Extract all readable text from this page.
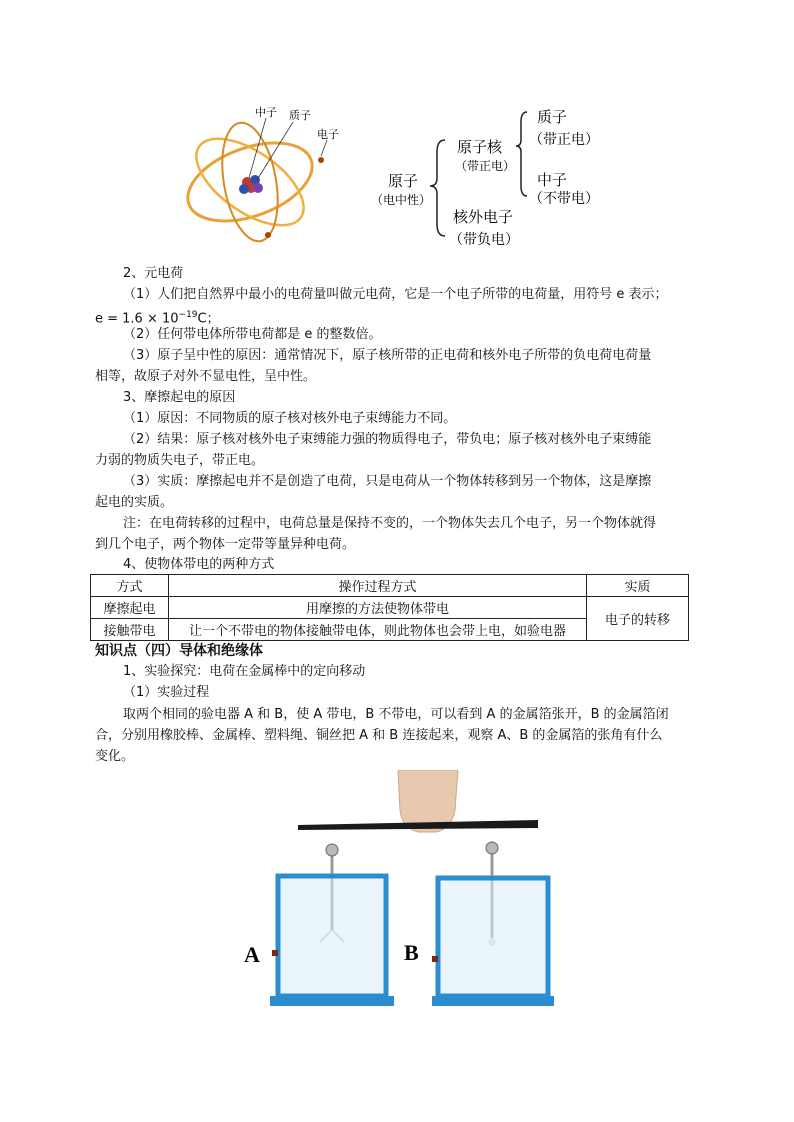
中子 质子
电子
原子
（电中性）
原子核
（带正电）
质子
（带正电）
中子
（不带电）
核外电子
（带负电）
2、元电荷
（1）人们把自然界中最小的电荷量叫做元电荷，它是一个电子所带的电荷量，用符号 e 表示；
$e = 1.6 \times 10^{-19}C$；
（2）任何带电体所带电荷都是 e 的整数倍。
（3）原子呈中性的原因：通常情况下，原子核所带的正电荷和核外电子所带的负电荷电荷量
相等，故原子对外不显电性，呈中性。
3、摩擦起电的原因
（1）原因：不同物质的原子核对核外电子束缚能力不同。
（2）结果：原子核对核外电子束缚能力强的物质得电子，带负电；原子核对核外电子束缚能
力弱的物质失电子，带正电。
（3）实质：摩擦起电并不是创造了电荷，只是电荷从一个物体转移到另一个物体，这是摩擦
起电的实质。
注：在电荷转移的过程中，电荷总量是保持不变的，一个物体失去几个电子，另一个物体就得
到几个电子，两个物体一定带等量异种电荷。
4、使物体带电的两种方式
方式	操作过程方式	实质
摩擦起电	用摩擦的方法使物体带电	电子的转移
接触带电	让一个不带电的物体接触带电体，则此物体也会带上电，如验电器	
知识点（四）导体和绝缘体
1、实验探究：电荷在金属棒中的定向移动
（1）实验过程
取两个相同的验电器 A 和 B，使 A 带电，B 不带电，可以看到 A 的金属箔张开，B 的金属箔闭
合，分别用橡胶棒、金属棒、塑料绳、铜丝把 A 和 B 连接起来，观察 A、B 的金属箔的张角有什么
变化。
A	B
